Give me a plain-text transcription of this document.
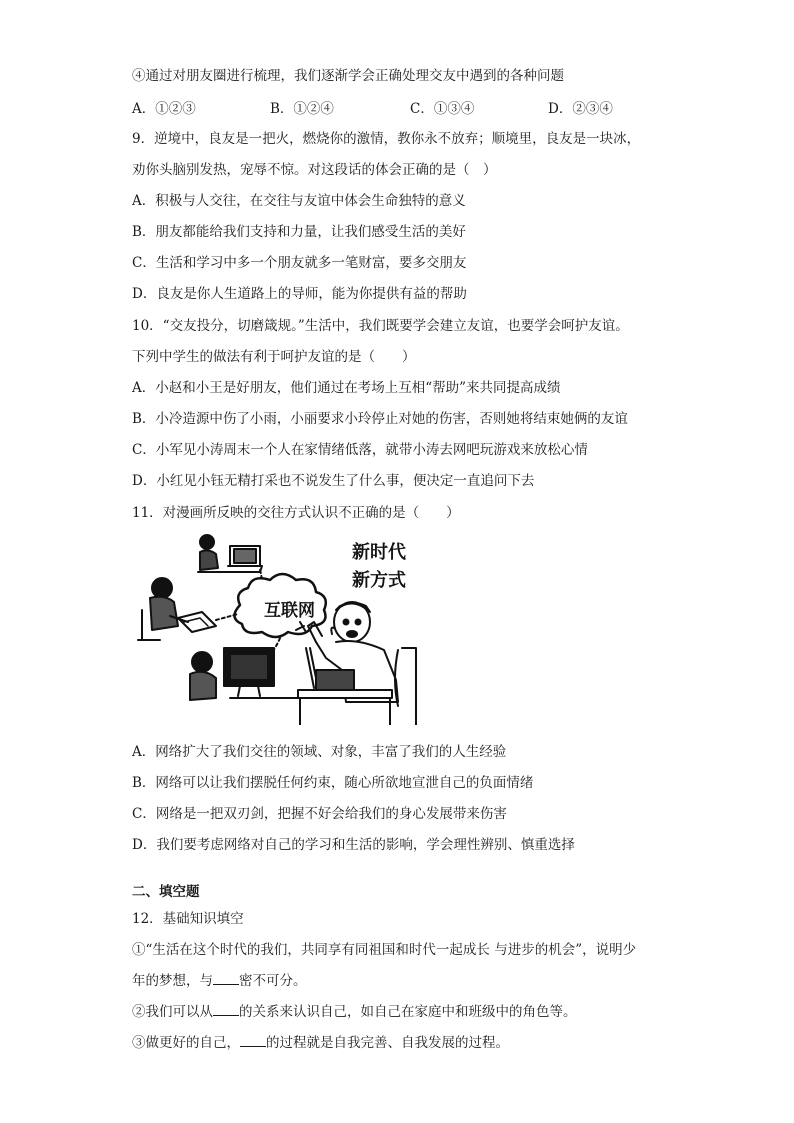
④通过对朋友圈进行梳理，我们逐渐学会正确处理交友中遇到的各种问题
A．①②③	B．①②④	C．①③④	D．②③④
9．逆境中，良友是一把火，燃烧你的激情，教你永不放弃；顺境里，良友是一块冰，
劝你头脑别发热，宠辱不惊。对这段话的体会正确的是（　）
A．积极与人交往，在交往与友谊中体会生命独特的意义
B．朋友都能给我们支持和力量，让我们感受生活的美好
C．生活和学习中多一个朋友就多一笔财富，要多交朋友
D．良友是你人生道路上的导师，能为你提供有益的帮助
10．“交友投分，切磨箴规。”生活中，我们既要学会建立友谊，也要学会呵护友谊。
下列中学生的做法有利于呵护友谊的是（　　）
A．小赵和小王是好朋友，他们通过在考场上互相“帮助”来共同提高成绩
B．小冷造源中伤了小雨，小丽要求小玲停止对她的伤害，否则她将结束她俩的友谊
C．小军见小涛周末一个人在家情绪低落，就带小涛去网吧玩游戏来放松心情
D．小红见小钰无精打采也不说发生了什么事，便决定一直追问下去
11．对漫画所反映的交往方式认识不正确的是（　　）
互联网
新时代
新方式
A．网络扩大了我们交往的领域、对象，丰富了我们的人生经验
B．网络可以让我们摆脱任何约束，随心所欲地宣泄自己的负面情绪
C．网络是一把双刃剑，把握不好会给我们的身心发展带来伤害
D．我们要考虑网络对自己的学习和生活的影响，学会理性辨别、慎重选择
二、填空题
12．基础知识填空
①“生活在这个时代的我们，共同享有同祖国和时代一起成长 与进步的机会”，说明少
年的梦想，与 密不可分。
②我们可以从 的关系来认识自己，如自己在家庭中和班级中的角色等。
③做更好的自己， 的过程就是自我完善、自我发展的过程。
